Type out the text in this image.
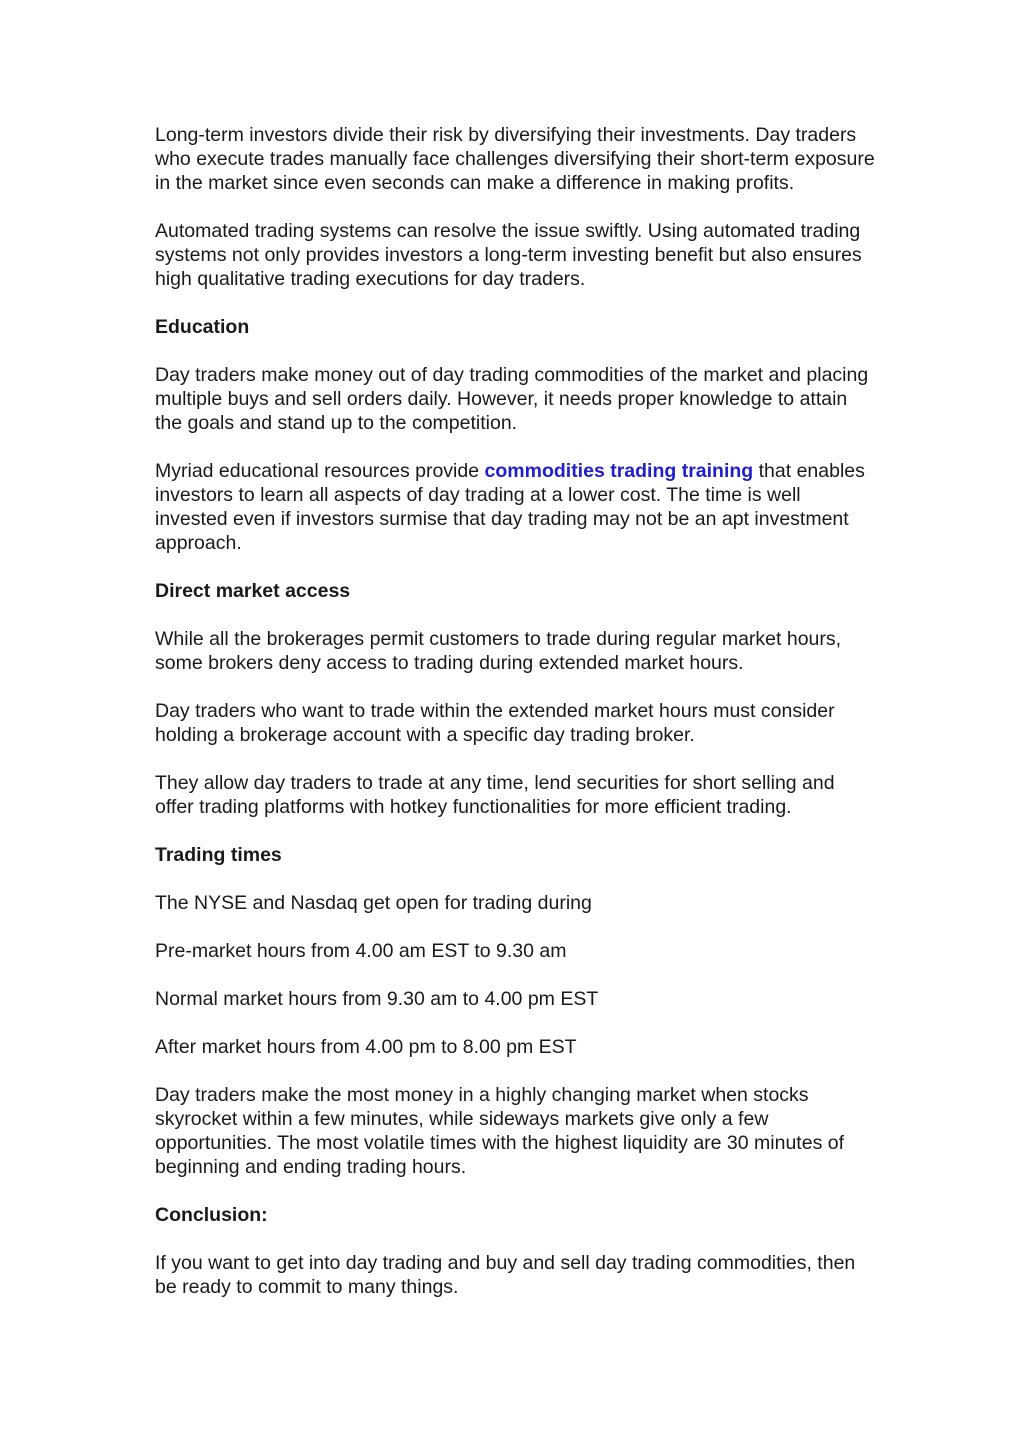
Long-term investors divide their risk by diversifying their investments. Day traders who execute trades manually face challenges diversifying their short-term exposure in the market since even seconds can make a difference in making profits.

Automated trading systems can resolve the issue swiftly. Using automated trading systems not only provides investors a long-term investing benefit but also ensures high qualitative trading executions for day traders.

Education

Day traders make money out of day trading commodities of the market and placing multiple buys and sell orders daily. However, it needs proper knowledge to attain the goals and stand up to the competition.

Myriad educational resources provide commodities trading training that enables investors to learn all aspects of day trading at a lower cost. The time is well invested even if investors surmise that day trading may not be an apt investment approach.

Direct market access

While all the brokerages permit customers to trade during regular market hours, some brokers deny access to trading during extended market hours.

Day traders who want to trade within the extended market hours must consider holding a brokerage account with a specific day trading broker.

They allow day traders to trade at any time, lend securities for short selling and offer trading platforms with hotkey functionalities for more efficient trading.

Trading times

The NYSE and Nasdaq get open for trading during

Pre-market hours from 4.00 am EST to 9.30 am

Normal market hours from 9.30 am to 4.00 pm EST

After market hours from 4.00 pm to 8.00 pm EST

Day traders make the most money in a highly changing market when stocks skyrocket within a few minutes, while sideways markets give only a few opportunities. The most volatile times with the highest liquidity are 30 minutes of beginning and ending trading hours.

Conclusion:

If you want to get into day trading and buy and sell day trading commodities, then be ready to commit to many things.
